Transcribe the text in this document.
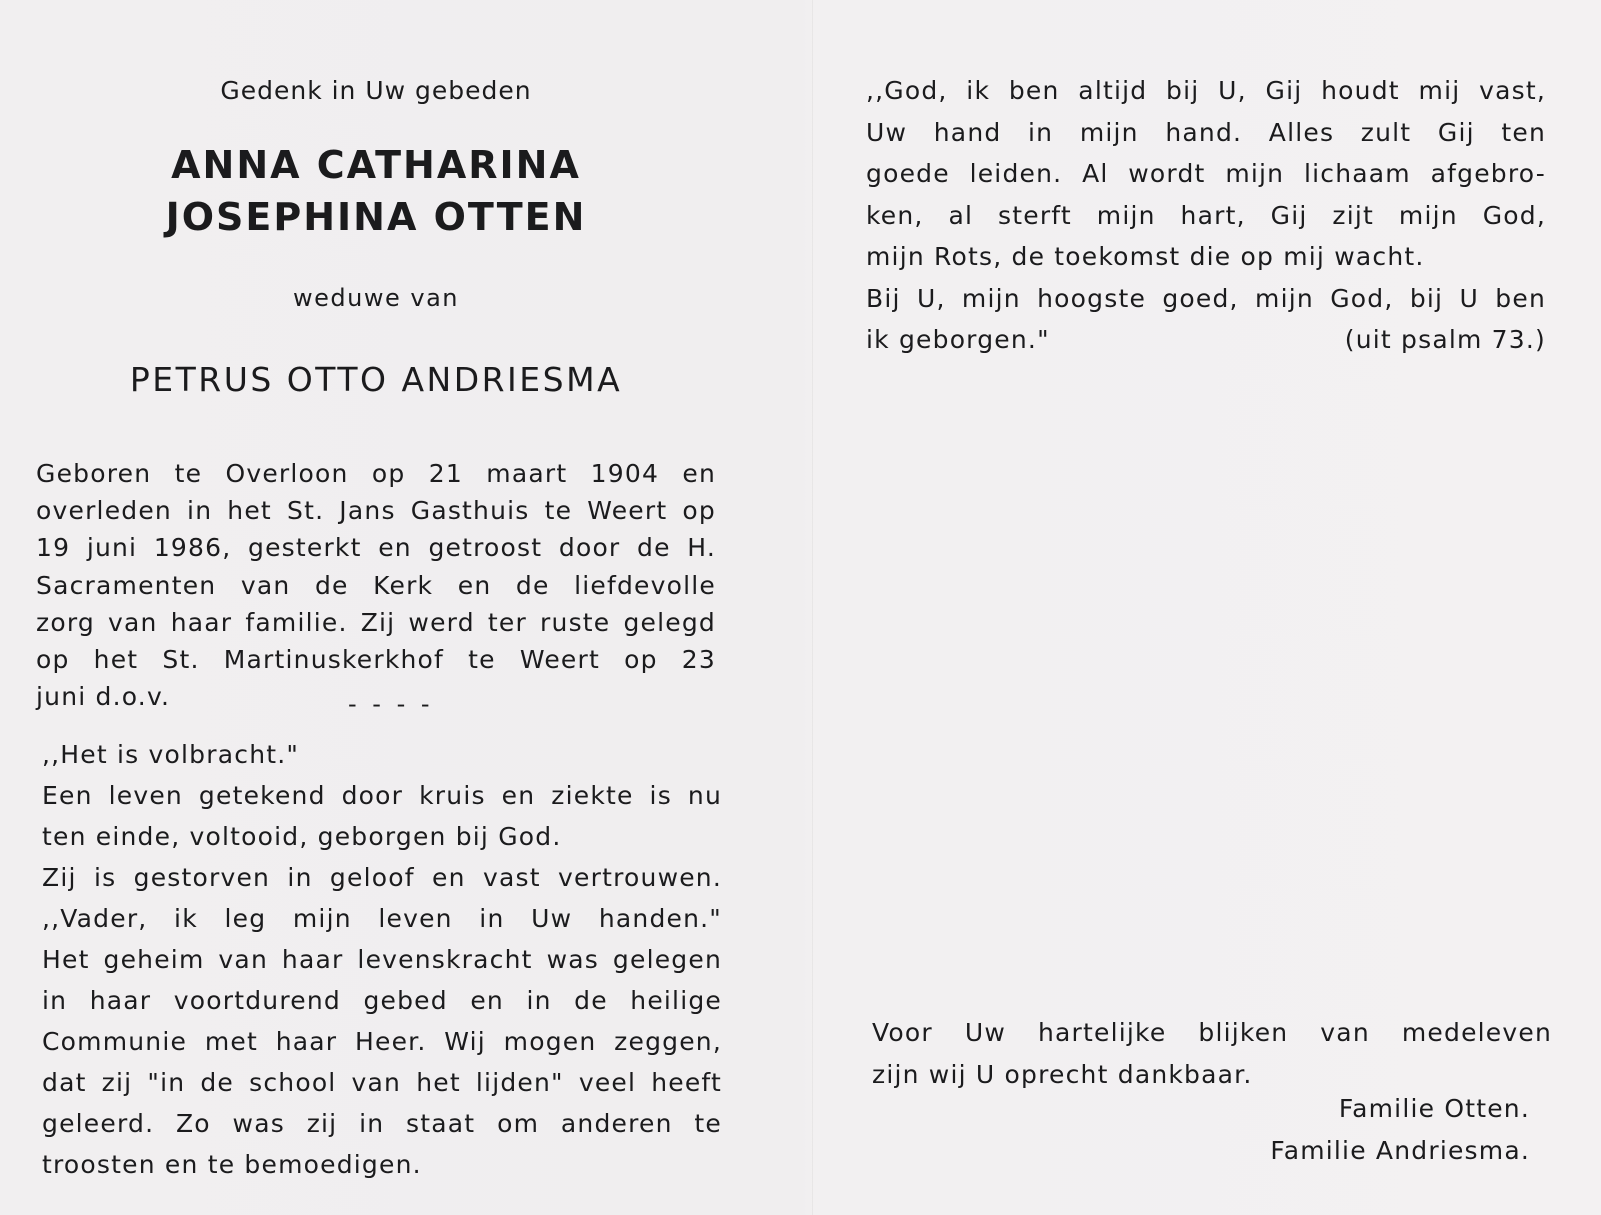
Gedenk in Uw gebeden
ANNA CATHARINA
JOSEPHINA OTTEN
weduwe van
PETRUS OTTO ANDRIESMA
Geboren te Overloon op 21 maart 1904 en
overleden in het St. Jans Gasthuis te Weert op
19 juni 1986, gesterkt en getroost door de H.
Sacramenten van de Kerk en de liefdevolle
zorg van haar familie. Zij werd ter ruste gelegd
op het St. Martinuskerkhof te Weert op 23
juni d.o.v.	- - - -
,,Het is volbracht."
Een leven getekend door kruis en ziekte is nu
ten einde, voltooid, geborgen bij God.
Zij is gestorven in geloof en vast vertrouwen.
,,Vader, ik leg mijn leven in Uw handen."
Het geheim van haar levenskracht was gelegen
in haar voortdurend gebed en in de heilige
Communie met haar Heer. Wij mogen zeggen,
dat zij "in de school van het lijden" veel heeft
geleerd. Zo was zij in staat om anderen te
troosten en te bemoedigen.
,,God, ik ben altijd bij U, Gij houdt mij vast,
Uw hand in mijn hand. Alles zult Gij ten
goede leiden. Al wordt mijn lichaam afgebro-
ken, al sterft mijn hart, Gij zijt mijn God,
mijn Rots, de toekomst die op mij wacht.
Bij U, mijn hoogste goed, mijn God, bij U ben
ik geborgen."	(uit psalm 73.)
Voor Uw hartelijke blijken van medeleven
zijn wij U oprecht dankbaar.
Familie Otten.
Familie Andriesma.
